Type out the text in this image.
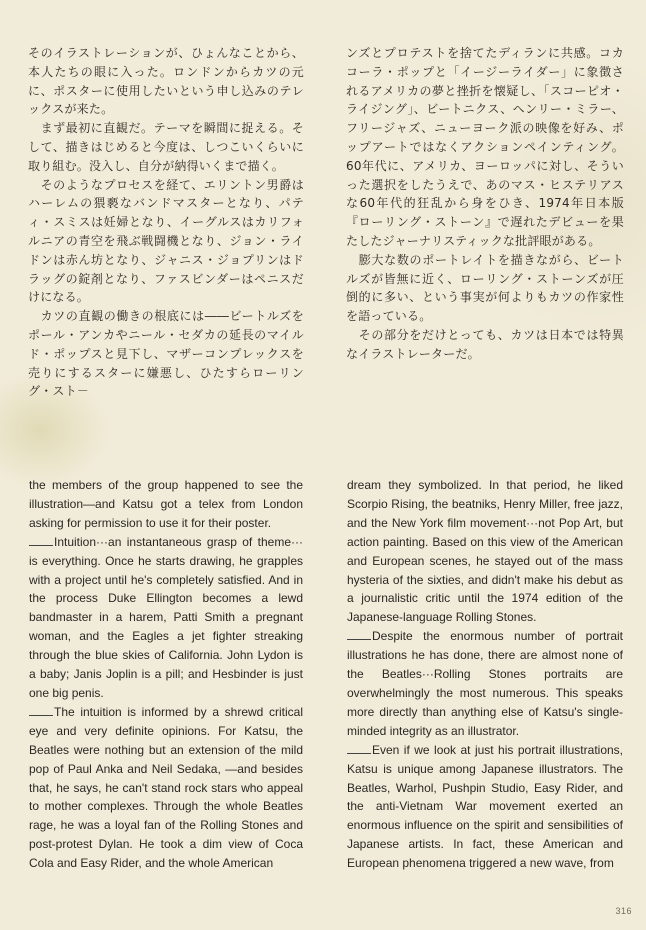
そのイラストレーションが、ひょんなことから、本人たちの眼に入った。ロンドンからカツの元に、ポスターに使用したいという申し込みのテレックスが来た。

　まず最初に直観だ。テーマを瞬間に捉える。そして、描きはじめると今度は、しつこいくらいに取り組む。没入し、自分が納得いくまで描く。

　そのようなプロセスを経て、エリントン男爵はハーレムの猥褻なバンドマスターとなり、パティ・スミスは妊婦となり、イーグルスはカリフォルニアの青空を飛ぶ戦闘機となり、ジョン・ライドンは赤ん坊となり、ジャニス・ジョプリンはドラッグの錠剤となり、ファスビンダーはペニスだけになる。

　カツの直観の働きの根底には――ビートルズをポール・アンカやニール・セダカの延長のマイルド・ポップスと見下し、マザーコンプレックスを売りにするスターに嫌悪し、ひたすらローリング・スト－

ンズとプロテストを捨てたディランに共感。コカコーラ・ポップと「イージーライダー」に象徴されるアメリカの夢と挫折を懐疑し、「スコーピオ・ライジング」、ビートニクス、ヘンリー・ミラー、フリージャズ、ニューヨーク派の映像を好み、ポップアートではなくアクションペインティング。60年代に、アメリカ、ヨーロッパに対し、そういった選択をしたうえで、あのマス・ヒステリアスな60年代的狂乱から身をひき、1974年日本版『ローリング・ストーン』で遅れたデビューを果たしたジャーナリスティックな批評眼がある。

　膨大な数のポートレイトを描きながら、ビートルズが皆無に近く、ローリング・ストーンズが圧倒的に多い、という事実が何よりもカツの作家性を語っている。

　その部分をだけとっても、カツは日本では特異なイラストレーターだ。

the members of the group happened to see the illustration—and Katsu got a telex from London asking for permission to use it for their poster.

Intuition···an instantaneous grasp of theme··· is everything. Once he starts drawing, he grapples with a project until he's completely satisfied. And in the process Duke Ellington becomes a lewd bandmaster in a harem, Patti Smith a pregnant woman, and the Eagles a jet fighter streaking through the blue skies of California. John Lydon is a baby; Janis Joplin is a pill; and Hesbinder is just one big penis.

The intuition is informed by a shrewd critical eye and very definite opinions. For Katsu, the Beatles were nothing but an extension of the mild pop of Paul Anka and Neil Sedaka, —and besides that, he says, he can't stand rock stars who appeal to mother complexes. Through the whole Beatles rage, he was a loyal fan of the Rolling Stones and post-protest Dylan. He took a dim view of Coca Cola and Easy Rider, and the whole American

dream they symbolized. In that period, he liked Scorpio Rising, the beatniks, Henry Miller, free jazz, and the New York film movement···not Pop Art, but action painting. Based on this view of the American and European scenes, he stayed out of the mass hysteria of the sixties, and didn't make his debut as a journalistic critic until the 1974 edition of the Japanese-language Rolling Stones.

Despite the enormous number of portrait illustrations he has done, there are almost none of the Beatles···Rolling Stones portraits are overwhelmingly the most numerous. This speaks more directly than anything else of Katsu's single-minded integrity as an illustrator.

Even if we look at just his portrait illustrations, Katsu is unique among Japanese illustrators. The Beatles, Warhol, Pushpin Studio, Easy Rider, and the anti-Vietnam War movement exerted an enormous influence on the spirit and sensibilities of Japanese artists. In fact, these American and European phenomena triggered a new wave, from

316
